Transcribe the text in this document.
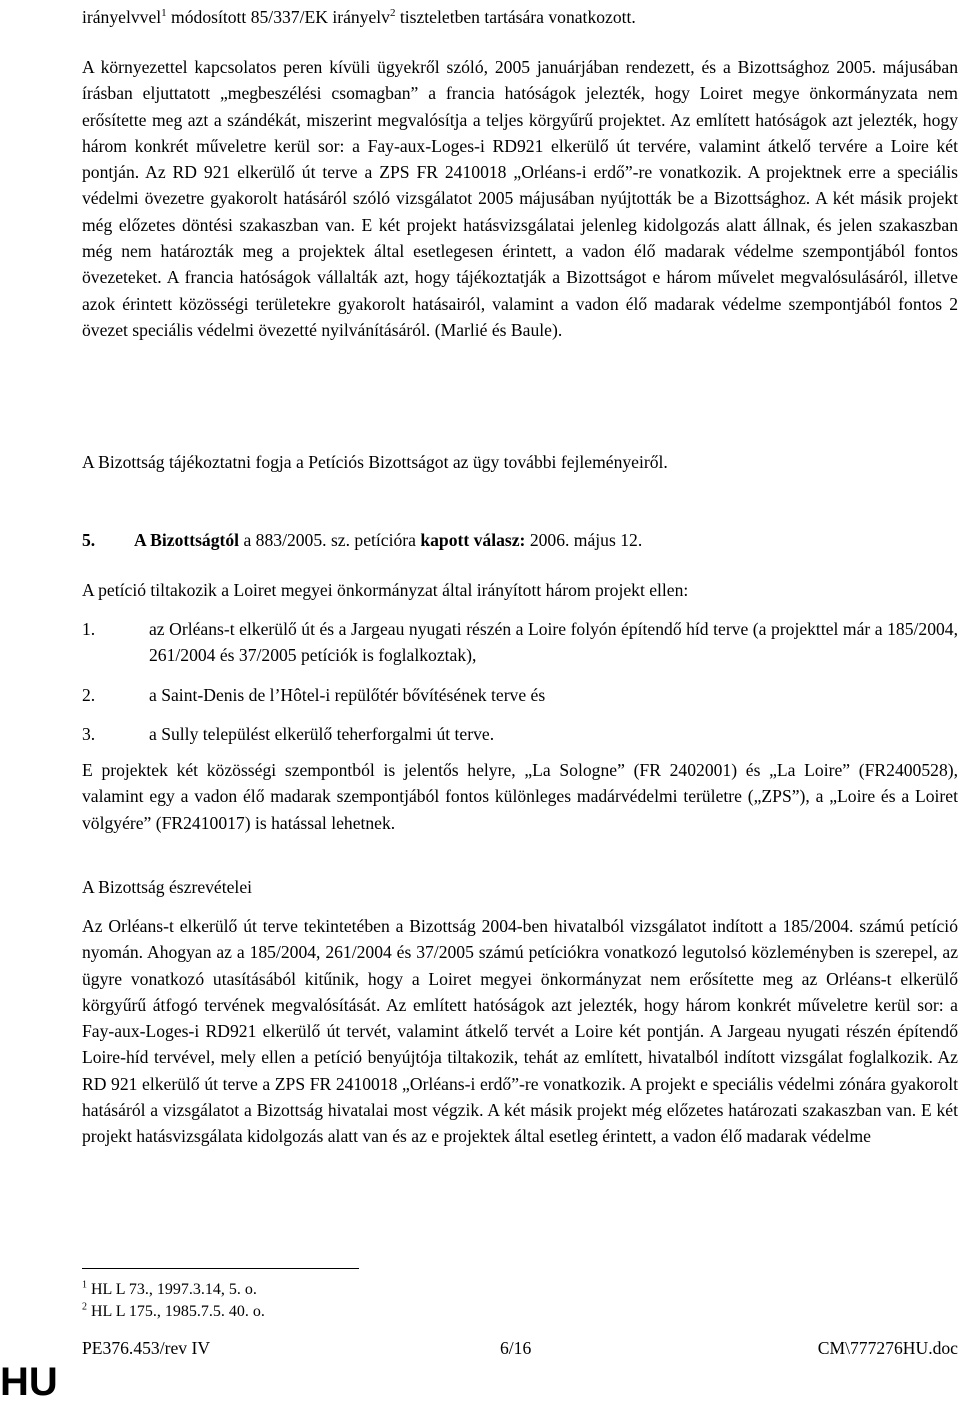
irányelvvel$^1$ módosított 85/337/EK irányelv$^2$ tiszteletben tartására vonatkozott.

A környezettel kapcsolatos peren kívüli ügyekről szóló, 2005 januárjában rendezett, és a Bizottsághoz 2005. májusában írásban eljuttatott „megbeszélési csomagban” a francia hatóságok jelezték, hogy Loiret megye önkormányzata nem erősítette meg azt a szándékát, miszerint megvalósítja a teljes körgyűrű projektet. Az említett hatóságok azt jelezték, hogy három konkrét műveletre kerül sor: a Fay-aux-Loges-i RD921 elkerülő út tervére, valamint átkelő tervére a Loire két pontján. Az RD 921 elkerülő út terve a ZPS FR 2410018 „Orléans-i erdő”-re vonatkozik. A projektnek erre a speciális védelmi övezetre gyakorolt hatásáról szóló vizsgálatot 2005 májusában nyújtották be a Bizottsághoz. A két másik projekt még előzetes döntési szakaszban van. E két projekt hatásvizsgálatai jelenleg kidolgozás alatt állnak, és jelen szakaszban még nem határozták meg a projektek által esetlegesen érintett, a vadon élő madarak védelme szempontjából fontos övezeteket. A francia hatóságok vállalták azt, hogy tájékoztatják a Bizottságot e három művelet megvalósulásáról, illetve azok érintett közösségi területekre gyakorolt hatásairól, valamint a vadon élő madarak védelme szempontjából fontos 2 övezet speciális védelmi övezetté nyilvánításáról. (Marlié és Baule).

A Bizottság tájékoztatni fogja a Petíciós Bizottságot az ügy további fejleményeiről.

5. A Bizottságtól a 883/2005. sz. petícióra kapott válasz: 2006. május 12.

A petíció tiltakozik a Loiret megyei önkormányzat által irányított három projekt ellen:

1.	az Orléans-t elkerülő út és a Jargeau nyugati részén a Loire folyón építendő híd terve (a projekttel már a 185/2004, 261/2004 és 37/2005 petíciók is foglalkoztak),
2.	a Saint-Denis de l’Hôtel-i repülőtér bővítésének terve és
3.	a Sully települést elkerülő teherforgalmi út terve.

E projektek két közösségi szempontból is jelentős helyre, „La Sologne” (FR 2402001) és „La Loire” (FR2400528), valamint egy a vadon élő madarak szempontjából fontos különleges madárvédelmi területre („ZPS”), a „Loire és a Loiret völgyére” (FR2410017) is hatással lehetnek.

A Bizottság észrevételei

Az Orléans-t elkerülő út terve tekintetében a Bizottság 2004-ben hivatalból vizsgálatot indított a 185/2004. számú petíció nyomán. Ahogyan az a 185/2004, 261/2004 és 37/2005 számú petíciókra vonatkozó legutolsó közleményben is szerepel, az ügyre vonatkozó utasításából kitűnik, hogy a Loiret megyei önkormányzat nem erősítette meg az Orléans-t elkerülő körgyűrű átfogó tervének megvalósítását. Az említett hatóságok azt jelezték, hogy három konkrét műveletre kerül sor: a Fay-aux-Loges-i RD921 elkerülő út tervét, valamint átkelő tervét a Loire két pontján. A Jargeau nyugati részén építendő Loire-híd tervével, mely ellen a petíció benyújtója tiltakozik, tehát az említett, hivatalból indított vizsgálat foglalkozik. Az RD 921 elkerülő út terve a ZPS FR 2410018 „Orléans-i erdő”-re vonatkozik. A projekt e speciális védelmi zónára gyakorolt hatásáról a vizsgálatot a Bizottság hivatalai most végzik. A két másik projekt még előzetes határozati szakaszban van. E két projekt hatásvizsgálata kidolgozás alatt van és az e projektek által esetleg érintett, a vadon élő madarak védelme

$^1$ HL L 73., 1997.3.14, 5. o.

$^2$ HL L 175., 1985.7.5. 40. o.

PE376.453/rev IV	6/16	CM\777276HU.doc
HU
